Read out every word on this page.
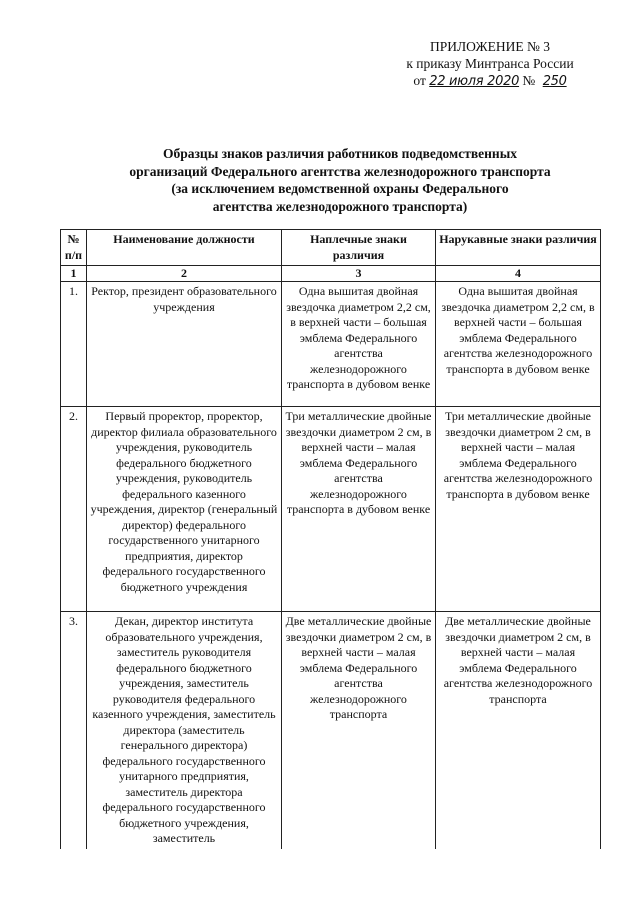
ПРИЛОЖЕНИЕ № 3
к приказу Минтранса России
от 22 июля 2020 № 250
Образцы знаков различия работников подведомственных
организаций Федерального агентства железнодорожного транспорта
(за исключением ведомственной охраны Федерального
агентства железнодорожного транспорта)
№ п/п	Наименование должности	Наплечные знаки различия	Нарукавные знаки различия
1	2	3	4
1.	Ректор, президент образовательного учреждения	Одна вышитая двойная звездочка диаметром 2,2 см, в верхней части – большая эмблема Федерального агентства железнодорожного транспорта в дубовом венке	Одна вышитая двойная звездочка диаметром 2,2 см, в верхней части – большая эмблема Федерального агентства железнодорожного транспорта в дубовом венке
2.	Первый проректор, проректор, директор филиала образовательного учреждения, руководитель федерального бюджетного учреждения, руководитель федерального казенного учреждения, директор (генеральный директор) федерального государственного унитарного предприятия, директор федерального государственного бюджетного учреждения	Три металлические двойные звездочки диаметром 2 см, в верхней части – малая эмблема Федерального агентства железнодорожного транспорта в дубовом венке	Три металлические двойные звездочки диаметром 2 см, в верхней части – малая эмблема Федерального агентства железнодорожного транспорта в дубовом венке
3.	Декан, директор института образовательного учреждения, заместитель руководителя федерального бюджетного учреждения, заместитель руководителя федерального казенного учреждения, заместитель директора (заместитель генерального директора) федерального государственного унитарного предприятия, заместитель директора федерального государственного бюджетного учреждения, заместитель	Две металлические двойные звездочки диаметром 2 см, в верхней части – малая эмблема Федерального агентства железнодорожного транспорта	Две металлические двойные звездочки диаметром 2 см, в верхней части – малая эмблема Федерального агентства железнодорожного транспорта
